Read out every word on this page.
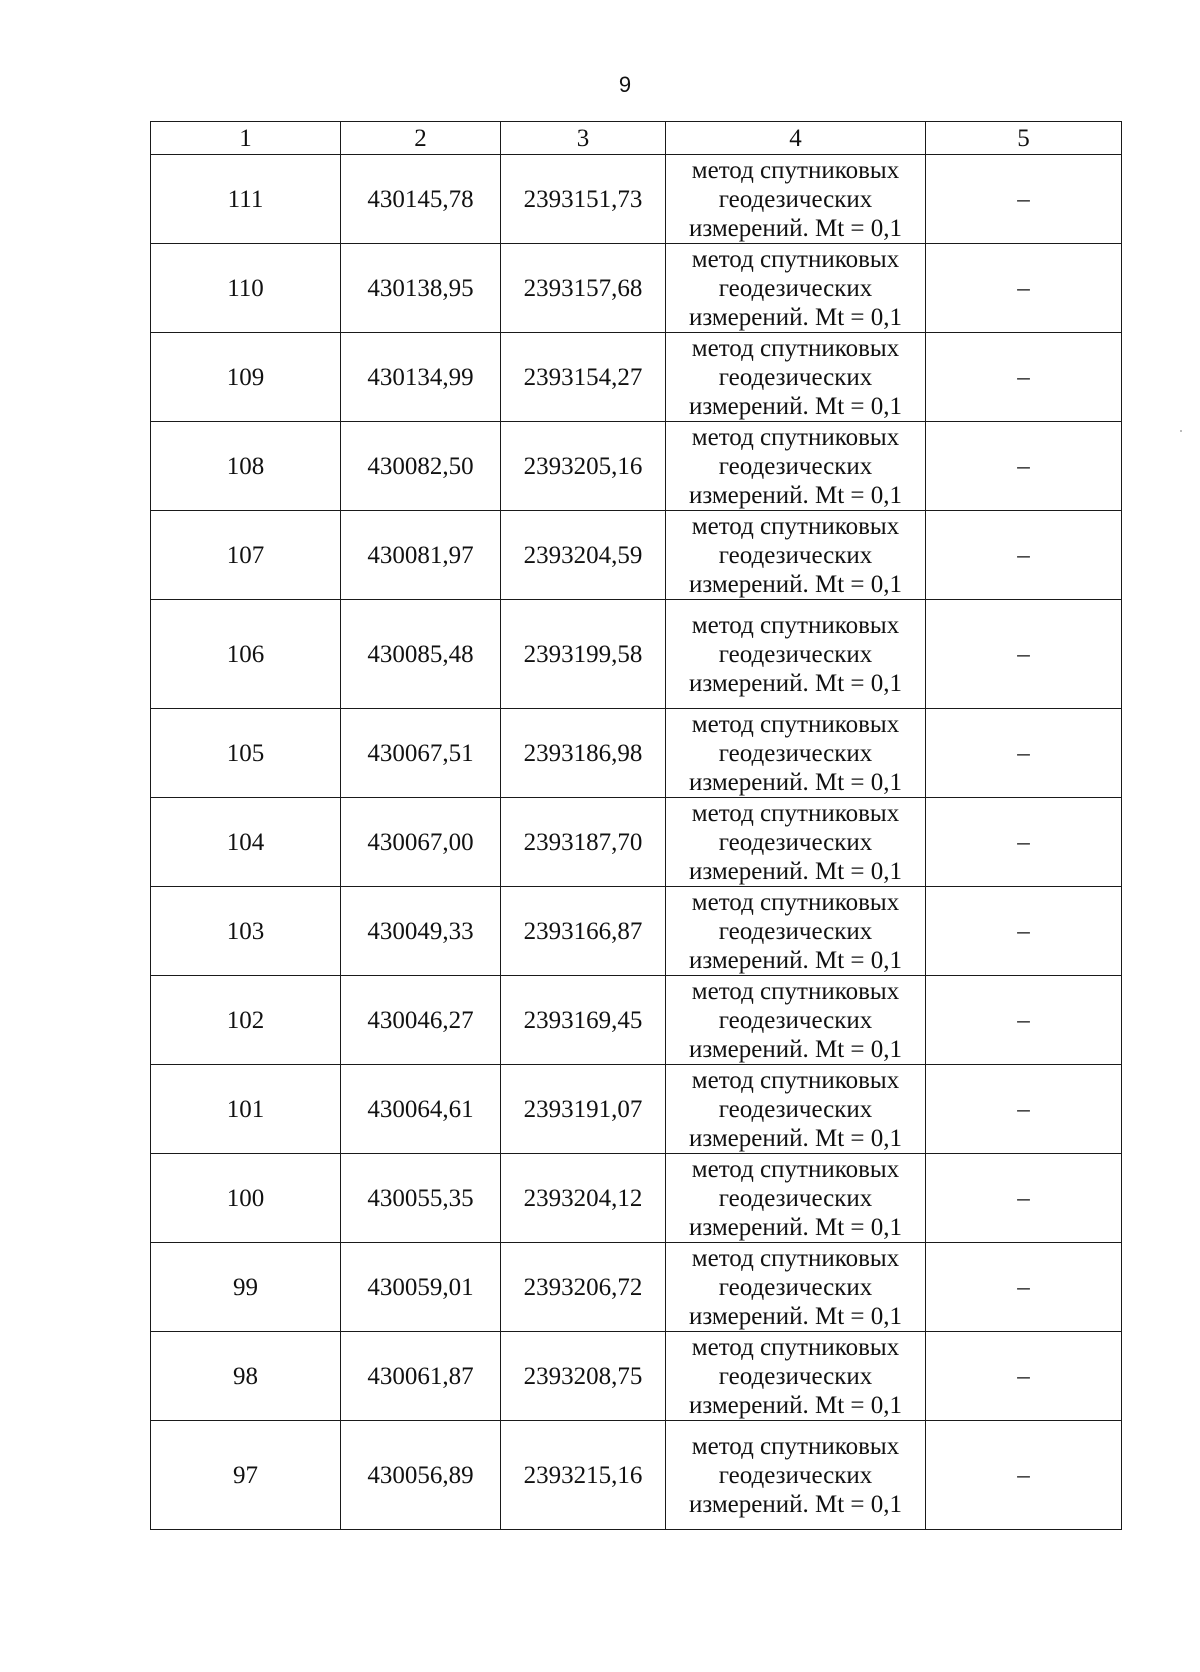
9
1	2	3	4	5
111	430145,78	2393151,73	метод спутниковых
геодезических
измерений. Mt = 0,1	–
110	430138,95	2393157,68	метод спутниковых
геодезических
измерений. Mt = 0,1	–
109	430134,99	2393154,27	метод спутниковых
геодезических
измерений. Mt = 0,1	–
108	430082,50	2393205,16	метод спутниковых
геодезических
измерений. Mt = 0,1	–
107	430081,97	2393204,59	метод спутниковых
геодезических
измерений. Mt = 0,1	–
106	430085,48	2393199,58	метод спутниковых
геодезических
измерений. Mt = 0,1	–
105	430067,51	2393186,98	метод спутниковых
геодезических
измерений. Mt = 0,1	–
104	430067,00	2393187,70	метод спутниковых
геодезических
измерений. Mt = 0,1	–
103	430049,33	2393166,87	метод спутниковых
геодезических
измерений. Mt = 0,1	–
102	430046,27	2393169,45	метод спутниковых
геодезических
измерений. Mt = 0,1	–
101	430064,61	2393191,07	метод спутниковых
геодезических
измерений. Mt = 0,1	–
100	430055,35	2393204,12	метод спутниковых
геодезических
измерений. Mt = 0,1	–
99	430059,01	2393206,72	метод спутниковых
геодезических
измерений. Mt = 0,1	–
98	430061,87	2393208,75	метод спутниковых
геодезических
измерений. Mt = 0,1	–
97	430056,89	2393215,16	метод спутниковых
геодезических
измерений. Mt = 0,1	–
